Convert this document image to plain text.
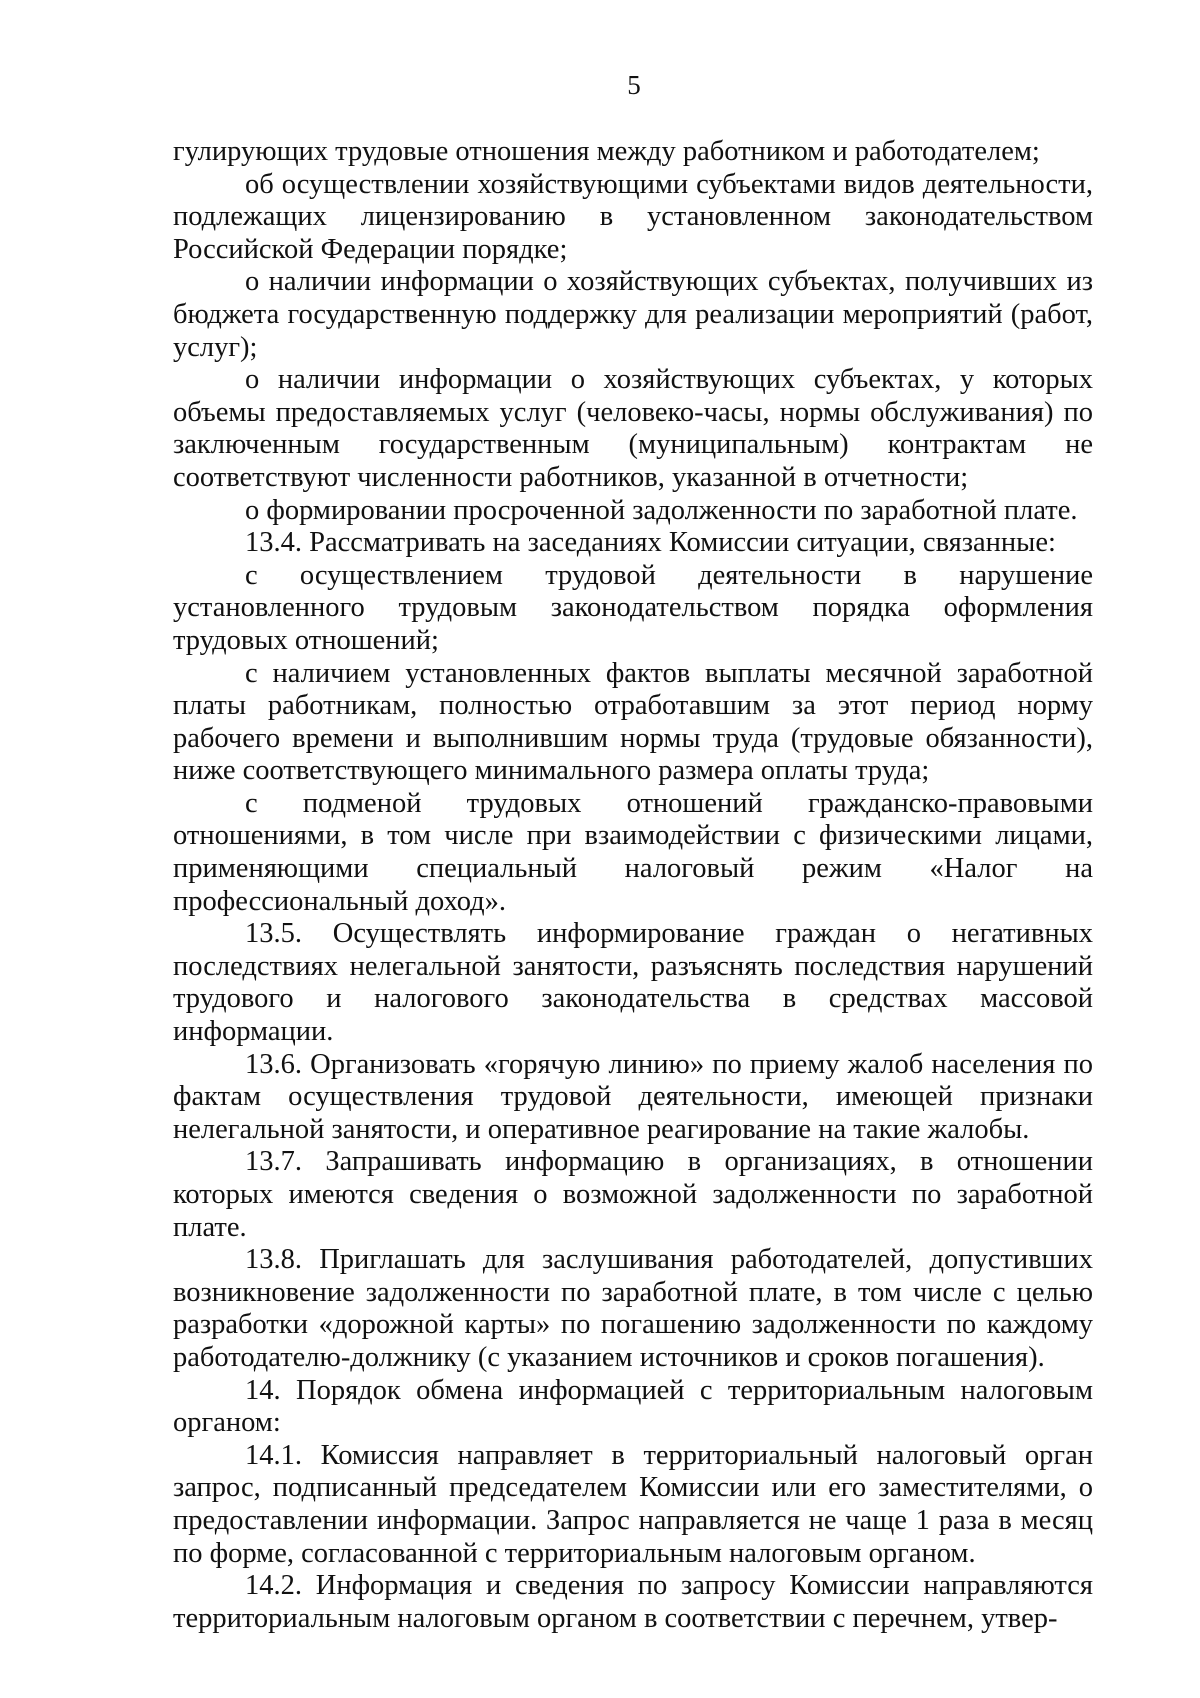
5

гулирующих трудовые отношения между работником и работодателем;

об осуществлении хозяйствующими субъектами видов деятельности, подлежащих лицензированию в установленном законодательством Российской Федерации порядке;

о наличии информации о хозяйствующих субъектах, получивших из бюджета государственную поддержку для реализации мероприятий (работ, услуг);

о наличии информации о хозяйствующих субъектах, у которых объемы предоставляемых услуг (человеко-часы, нормы обслуживания) по заключенным государственным (муниципальным) контрактам не соответствуют численности работников, указанной в отчетности;

о формировании просроченной задолженности по заработной плате.

13.4. Рассматривать на заседаниях Комиссии ситуации, связанные:

с осуществлением трудовой деятельности в нарушение установленного трудовым законодательством порядка оформления трудовых отношений;

с наличием установленных фактов выплаты месячной заработной платы работникам, полностью отработавшим за этот период норму рабочего времени и выполнившим нормы труда (трудовые обязанности), ниже соответствующего минимального размера оплаты труда;

с подменой трудовых отношений гражданско-правовыми отношениями, в том числе при взаимодействии с физическими лицами, применяющими специальный налоговый режим «Налог на профессиональный доход».

13.5. Осуществлять информирование граждан о негативных последствиях нелегальной занятости, разъяснять последствия нарушений трудового и налогового законодательства в средствах массовой информации.

13.6. Организовать «горячую линию» по приему жалоб населения по фактам осуществления трудовой деятельности, имеющей признаки нелегальной занятости, и оперативное реагирование на такие жалобы.

13.7. Запрашивать информацию в организациях, в отношении которых имеются сведения о возможной задолженности по заработной плате.

13.8. Приглашать для заслушивания работодателей, допустивших возникновение задолженности по заработной плате, в том числе с целью разработки «дорожной карты» по погашению задолженности по каждому работодателю-должнику (с указанием источников и сроков погашения).

14. Порядок обмена информацией с территориальным налоговым органом:

14.1. Комиссия направляет в территориальный налоговый орган запрос, подписанный председателем Комиссии или его заместителями, о предоставлении информации. Запрос направляется не чаще 1 раза в месяц по форме, согласованной с территориальным налоговым органом.

14.2. Информация и сведения по запросу Комиссии направляются территориальным налоговым органом в соответствии с перечнем, утвер-
